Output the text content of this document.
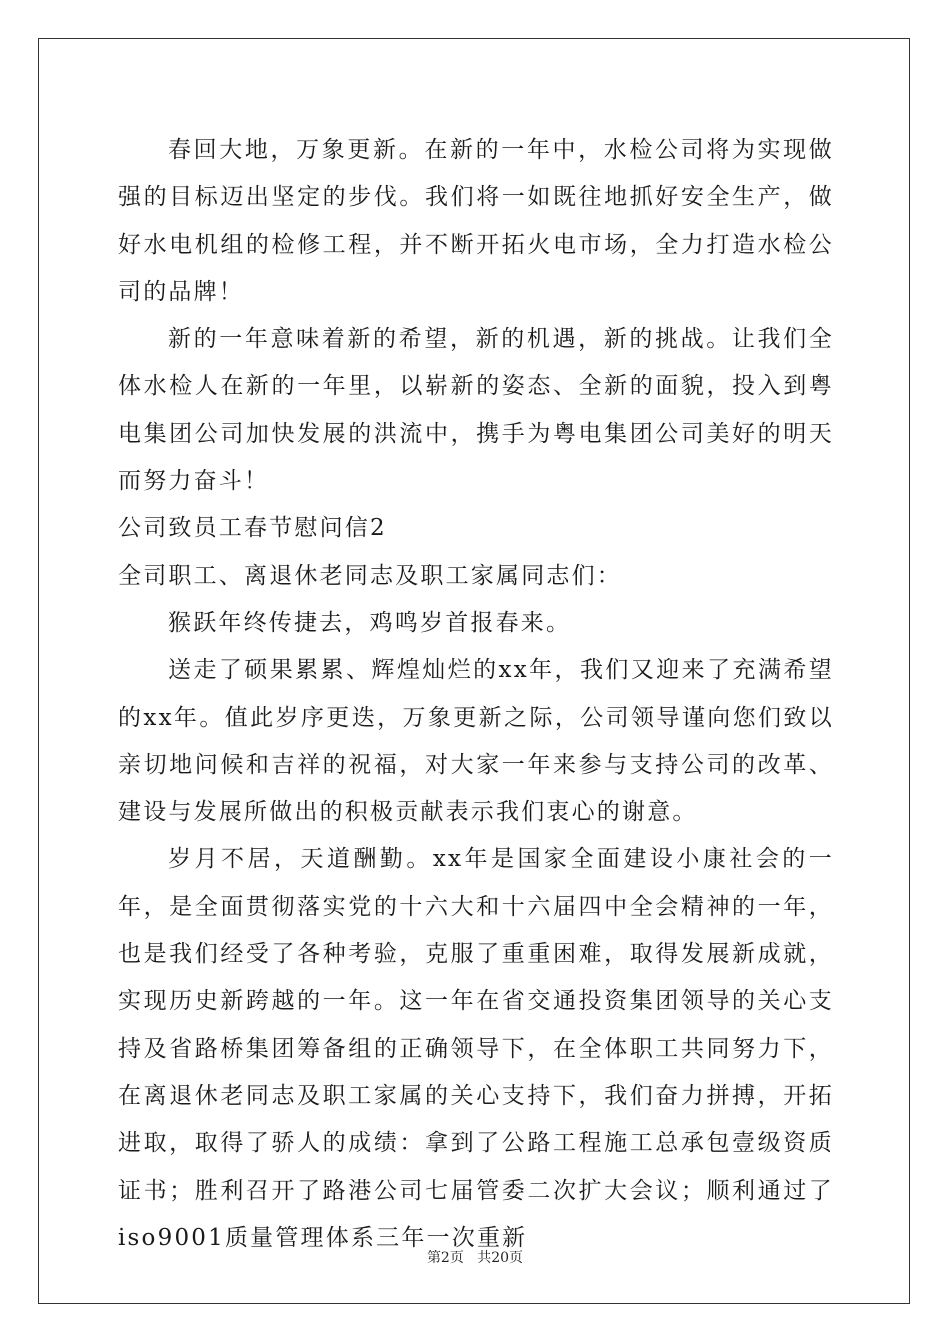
春回大地，万象更新。在新的一年中，水检公司将为实现做强的目标迈出坚定的步伐。我们将一如既往地抓好安全生产，做好水电机组的检修工程，并不断开拓火电市场，全力打造水检公司的品牌！

新的一年意味着新的希望，新的机遇，新的挑战。让我们全体水检人在新的一年里，以崭新的姿态、全新的面貌，投入到粤电集团公司加快发展的洪流中，携手为粤电集团公司美好的明天而努力奋斗！

公司致员工春节慰问信2

全司职工、离退休老同志及职工家属同志们：

猴跃年终传捷去，鸡鸣岁首报春来。

送走了硕果累累、辉煌灿烂的xx年，我们又迎来了充满希望的xx年。值此岁序更迭，万象更新之际，公司领导谨向您们致以亲切地问候和吉祥的祝福，对大家一年来参与支持公司的改革、建设与发展所做出的积极贡献表示我们衷心的谢意。

岁月不居，天道酬勤。xx年是国家全面建设小康社会的一年，是全面贯彻落实党的十六大和十六届四中全会精神的一年，也是我们经受了各种考验，克服了重重困难，取得发展新成就，实现历史新跨越的一年。这一年在省交通投资集团领导的关心支持及省路桥集团筹备组的正确领导下，在全体职工共同努力下，在离退休老同志及职工家属的关心支持下，我们奋力拼搏，开拓进取，取得了骄人的成绩：拿到了公路工程施工总承包壹级资质证书；胜利召开了路港公司七届管委二次扩大会议；顺利通过了iso9001质量管理体系三年一次重新

第2页 共20页
